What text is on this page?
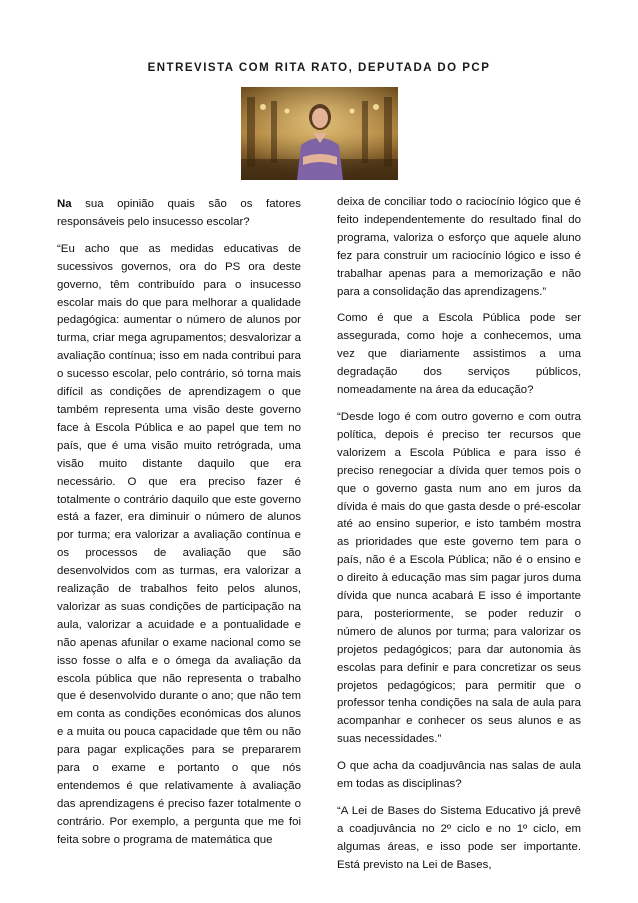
ENTREVISTA COM RITA RATO, DEPUTADA DO PCP

Na sua opinião quais são os fatores responsáveis pelo insucesso escolar?

“Eu acho que as medidas educativas de sucessivos governos, ora do PS ora deste governo, têm contribuído para o insucesso escolar mais do que para melhorar a qualidade pedagógica: aumentar o número de alunos por turma, criar mega agrupamentos; desvalorizar a avaliação contínua; isso em nada contribui para o sucesso escolar, pelo contrário, só torna mais difícil as condições de aprendizagem o que também representa uma visão deste governo face à Escola Pública e ao papel que tem no país, que é uma visão muito retrógrada, uma visão muito distante daquilo que era necessário. O que era preciso fazer é totalmente o contrário daquilo que este governo está a fazer, era diminuir o número de alunos por turma; era valorizar a avaliação contínua e os processos de avaliação que são desenvolvidos com as turmas, era valorizar a realização de trabalhos feito pelos alunos, valorizar as suas condições de participação na aula, valorizar a acuidade e a pontualidade e não apenas afunilar o exame nacional como se isso fosse o alfa e o ómega da avaliação da escola pública que não representa o trabalho que é desenvolvido durante o ano; que não tem em conta as condições económicas dos alunos e a muita ou pouca capacidade que têm ou não para pagar explicações para se prepararem para o exame e portanto o que nós entendemos é que relativamente à avaliação das aprendizagens é preciso fazer totalmente o contrário. Por exemplo, a pergunta que me foi feita sobre o programa de matemática que

deixa de conciliar todo o raciocínio lógico que é feito independentemente do resultado final do programa, valoriza o esforço que aquele aluno fez para construir um raciocínio lógico e isso é trabalhar apenas para a memorização e não para a consolidação das aprendizagens.”

Como é que a Escola Pública pode ser assegurada, como hoje a conhecemos, uma vez que diariamente assistimos a uma degradação dos serviços públicos, nomeadamente na área da educação?

“Desde logo é com outro governo e com outra política, depois é preciso ter recursos que valorizem a Escola Pública e para isso é preciso renegociar a dívida quer temos pois o que o governo gasta num ano em juros da dívida é mais do que gasta desde o pré-escolar até ao ensino superior, e isto também mostra as prioridades que este governo tem para o país, não é a Escola Pública; não é o ensino e o direito à educação mas sim pagar juros duma dívida que nunca acabará E isso é importante para, posteriormente, se poder reduzir o número de alunos por turma; para valorizar os projetos pedagógicos; para dar autonomia às escolas para definir e para concretizar os seus projetos pedagógicos; para permitir que o professor tenha condições na sala de aula para acompanhar e conhecer os seus alunos e as suas necessidades.”

O que acha da coadjuvância nas salas de aula em todas as disciplinas?

“A Lei de Bases do Sistema Educativo já prevê a coadjuvância no 2º ciclo e no 1º ciclo, em algumas áreas, e isso pode ser importante. Está previsto na Lei de Bases,
